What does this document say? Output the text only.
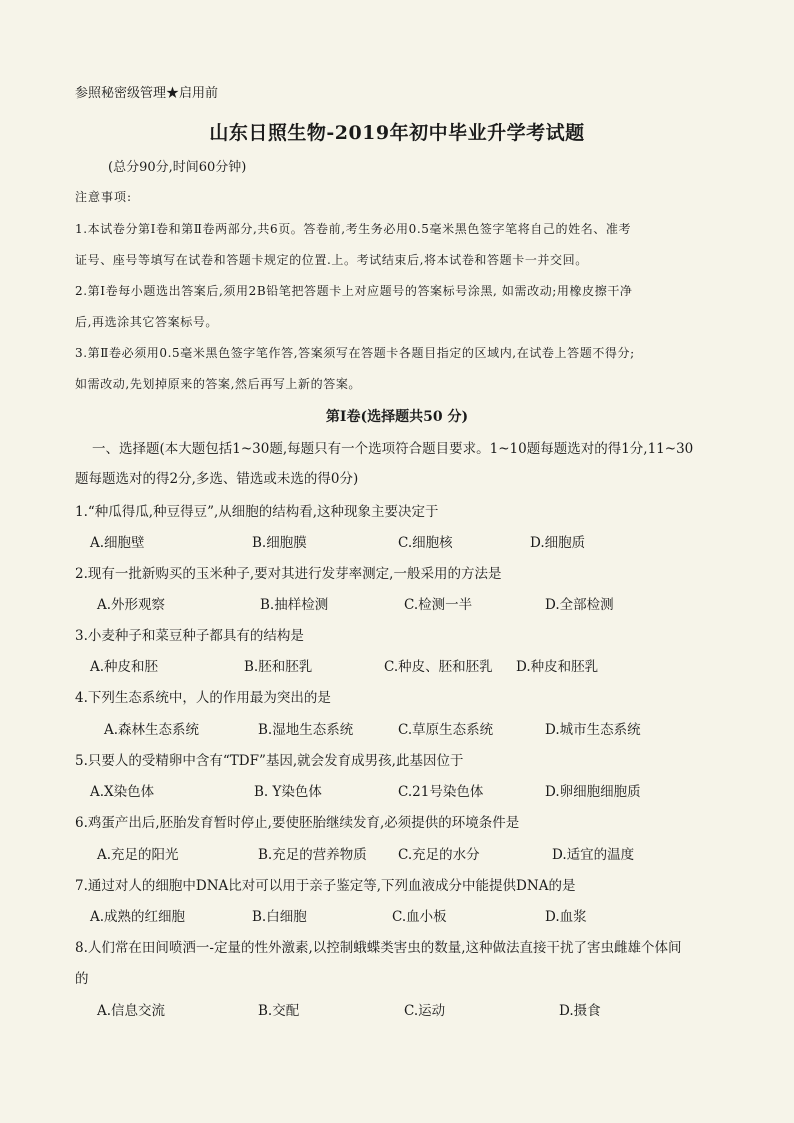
参照秘密级管理★启用前
山东日照生物-2019年初中毕业升学考试题
(总分90分,时间60分钟)
注意事项:
1.本试卷分第Ⅰ卷和第Ⅱ卷两部分,共6页。答卷前,考生务必用0.5毫米黑色签字笔将自己的姓名、准考
证号、座号等填写在试卷和答题卡规定的位置.上。考试结束后,将本试卷和答题卡一并交回。
2.第Ⅰ卷每小题选出答案后,须用2B铅笔把答题卡上对应题号的答案标号涂黑, 如需改动;用橡皮擦干净
后,再选涂其它答案标号。
3.第Ⅱ卷必须用0.5毫米黑色签字笔作答,答案须写在答题卡各题目指定的区域内,在试卷上答题不得分;
如需改动,先划掉原来的答案,然后再写上新的答案。
第Ⅰ卷(选择题共50 分)
一、选择题(本大题包括1~30题,每题只有一个选项符合题目要求。1~10题每题选对的得1分,11~30
题每题选对的得2分,多选、错选或未选的得0分)
1.“种瓜得瓜,种豆得豆”,从细胞的结构看,这种现象主要决定于
A.细胞壁	B.细胞膜	C.细胞核	D.细胞质
2.现有一批新购买的玉米种子,要对其进行发芽率测定,一般采用的方法是
A.外形观察	B.抽样检测	C.检测一半	D.全部检测
3.小麦种子和菜豆种子都具有的结构是
A.种皮和胚	B.胚和胚乳	C.种皮、胚和胚乳 D.种皮和胚乳
4.下列生态系统中，人的作用最为突出的是
A.森林生态系统	B.湿地生态系统	C.草原生态系统	D.城市生态系统
5.只要人的受精卵中含有“TDF”基因,就会发育成男孩,此基因位于
A.X染色体	B. Y染色体	C.21号染色体	D.卵细胞细胞质
6.鸡蛋产出后,胚胎发育暂时停止,要使胚胎继续发育,必须提供的环境条件是
A.充足的阳光	B.充足的营养物质 C.充足的水分	D.适宜的温度
7.通过对人的细胞中DNA比对可以用于亲子鉴定等,下列血液成分中能提供DNA的是
A.成熟的红细胞	B.白细胞	C.血小板	D.血浆
8.人们常在田间喷洒一-定量的性外激素,以控制蛾蝶类害虫的数量,这种做法直接干扰了害虫雌雄个体间
的
A.信息交流	B.交配	C.运动	D.摄食
